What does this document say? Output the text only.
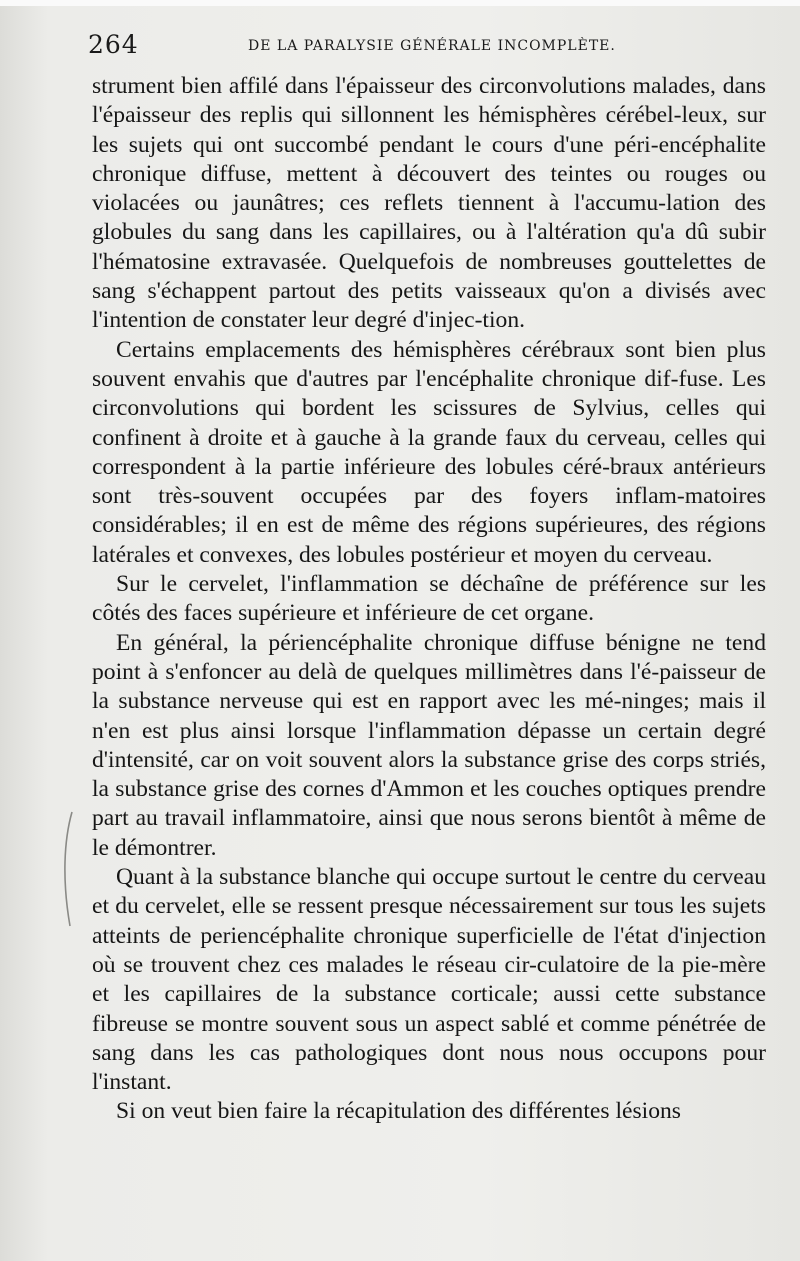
264	DE LA PARALYSIE GÉNÉRALE INCOMPLÈTE.

strument bien affilé dans l'épaisseur des circonvolutions malades, dans l'épaisseur des replis qui sillonnent les hémisphères cérébel-leux, sur les sujets qui ont succombé pendant le cours d'une péri-encéphalite chronique diffuse, mettent à découvert des teintes ou rouges ou violacées ou jaunâtres; ces reflets tiennent à l'accumu-lation des globules du sang dans les capillaires, ou à l'altération qu'a dû subir l'hématosine extravasée. Quelquefois de nombreuses gouttelettes de sang s'échappent partout des petits vaisseaux qu'on a divisés avec l'intention de constater leur degré d'injec-tion.

Certains emplacements des hémisphères cérébraux sont bien plus souvent envahis que d'autres par l'encéphalite chronique dif-fuse. Les circonvolutions qui bordent les scissures de Sylvius, celles qui confinent à droite et à gauche à la grande faux du cerveau, celles qui correspondent à la partie inférieure des lobules céré-braux antérieurs sont très-souvent occupées par des foyers inflam-matoires considérables; il en est de même des régions supérieures, des régions latérales et convexes, des lobules postérieur et moyen du cerveau.

Sur le cervelet, l'inflammation se déchaîne de préférence sur les côtés des faces supérieure et inférieure de cet organe.

En général, la périencéphalite chronique diffuse bénigne ne tend point à s'enfoncer au delà de quelques millimètres dans l'é-paisseur de la substance nerveuse qui est en rapport avec les mé-ninges; mais il n'en est plus ainsi lorsque l'inflammation dépasse un certain degré d'intensité, car on voit souvent alors la substance grise des corps striés, la substance grise des cornes d'Ammon et les couches optiques prendre part au travail inflammatoire, ainsi que nous serons bientôt à même de le démontrer.

Quant à la substance blanche qui occupe surtout le centre du cerveau et du cervelet, elle se ressent presque nécessairement sur tous les sujets atteints de periencéphalite chronique superficielle de l'état d'injection où se trouvent chez ces malades le réseau cir-culatoire de la pie-mère et les capillaires de la substance corticale; aussi cette substance fibreuse se montre souvent sous un aspect sablé et comme pénétrée de sang dans les cas pathologiques dont nous nous occupons pour l'instant.

Si on veut bien faire la récapitulation des différentes lésions
